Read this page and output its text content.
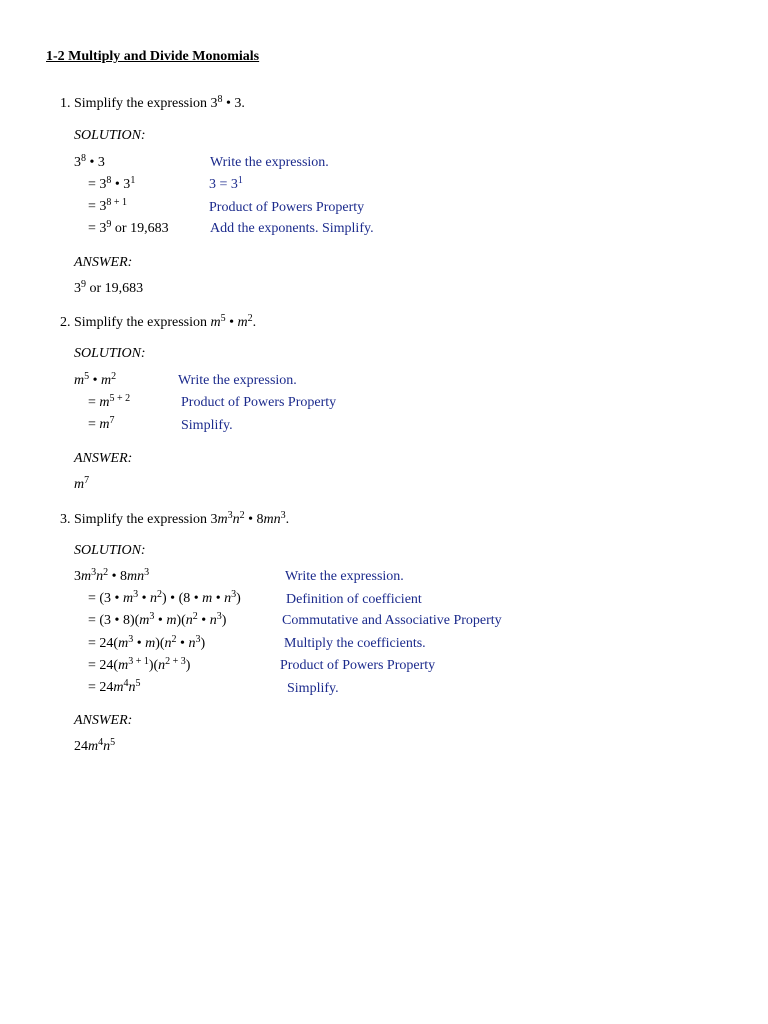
1-2 Multiply and Divide Monomials
1. Simplify the expression $3^8$ • 3.
SOLUTION:
$3^8$ • 3	Write the expression.
= $3^8$ • $3^1$	$3 = 3^1$
= $3^{8 + 1}$	Product of Powers Property
= $3^9$ or 19,683	Add the exponents. Simplify.
ANSWER:
$3^9$ or 19,683
2. Simplify the expression $m^5$ • $m^2$.
SOLUTION:
$m^5$ • $m^2$	Write the expression.
= $m^{5 + 2}$	Product of Powers Property
= $m^7$	Simplify.
ANSWER:
$m^7$
3. Simplify the expression $3m^3n^2$ • $8mn^3$.
SOLUTION:
$3m^3n^2$ • $8mn^3$	Write the expression.
= (3 • $m^3$ • $n^2$) • (8 • m • $n^3$)	Definition of coefficient
= (3 • $8)(m^3$ • $m)(n^2$ • $n^3$)	Commutative and Associative Property
= $24(m^3$ • $m)(n^2$ • $n^3$)	Multiply the coefficients.
= $24(m^{3 + 1})(n^{2 + 3})$	Product of Powers Property
= $24m^4n^5$	Simplify.
ANSWER:
$24m^4n^5$
